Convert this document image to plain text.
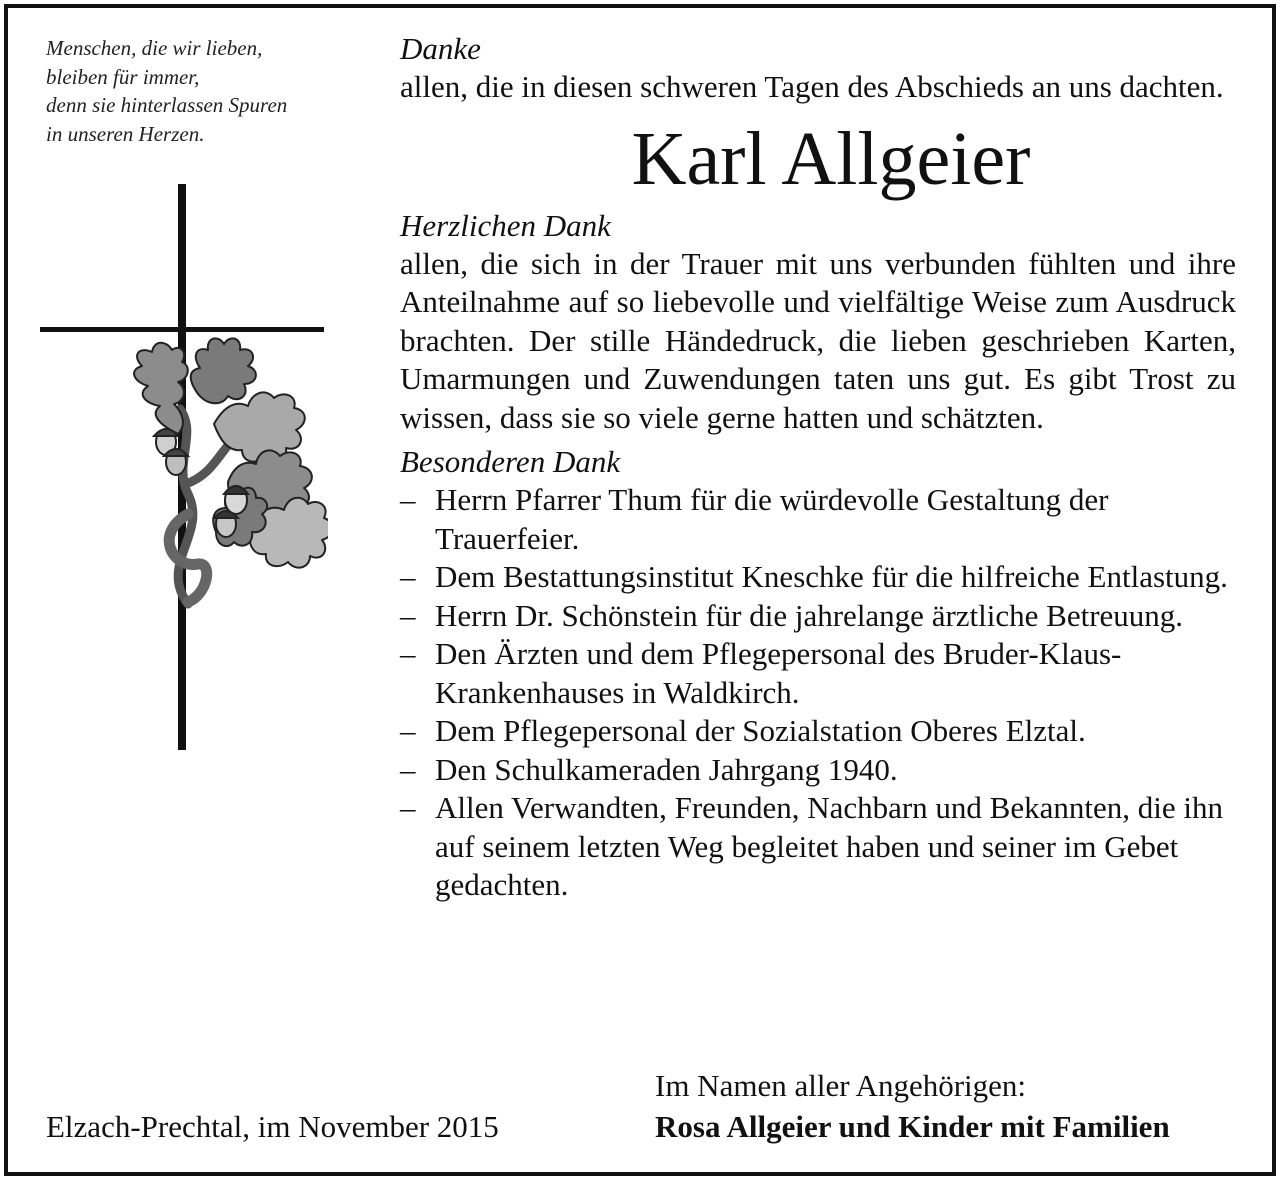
Menschen, die wir lieben,
bleiben für immer,
denn sie hinterlassen Spuren
in unseren Herzen.
Danke
allen, die in diesen schweren Tagen des Abschieds an uns dachten.
Karl Allgeier
Herzlichen Dank
allen, die sich in der Trauer mit uns verbunden fühlten und ihre Anteilnahme auf so liebevolle und vielfältige Weise zum Ausdruck brachten. Der stille Händedruck, die lieben geschrieben Karten, Umarmungen und Zuwendungen taten uns gut. Es gibt Trost zu wissen, dass sie so viele gerne hatten und schätzten.
Besonderen Dank
– Herrn Pfarrer Thum für die würdevolle Gestaltung der Trauerfeier.
– Dem Bestattungsinstitut Kneschke für die hilfreiche Entlastung.
– Herrn Dr. Schönstein für die jahrelange ärztliche Betreuung.
– Den Ärzten und dem Pflegepersonal des Bruder-Klaus-Krankenhauses in Waldkirch.
– Dem Pflegepersonal der Sozialstation Oberes Elztal.
– Den Schulkameraden Jahrgang 1940.
– Allen Verwandten, Freunden, Nachbarn und Bekannten, die ihn auf seinem letzten Weg begleitet haben und seiner im Gebet gedachten.
Im Namen aller Angehörigen:
Rosa Allgeier und Kinder mit Familien
Elzach-Prechtal, im November 2015
